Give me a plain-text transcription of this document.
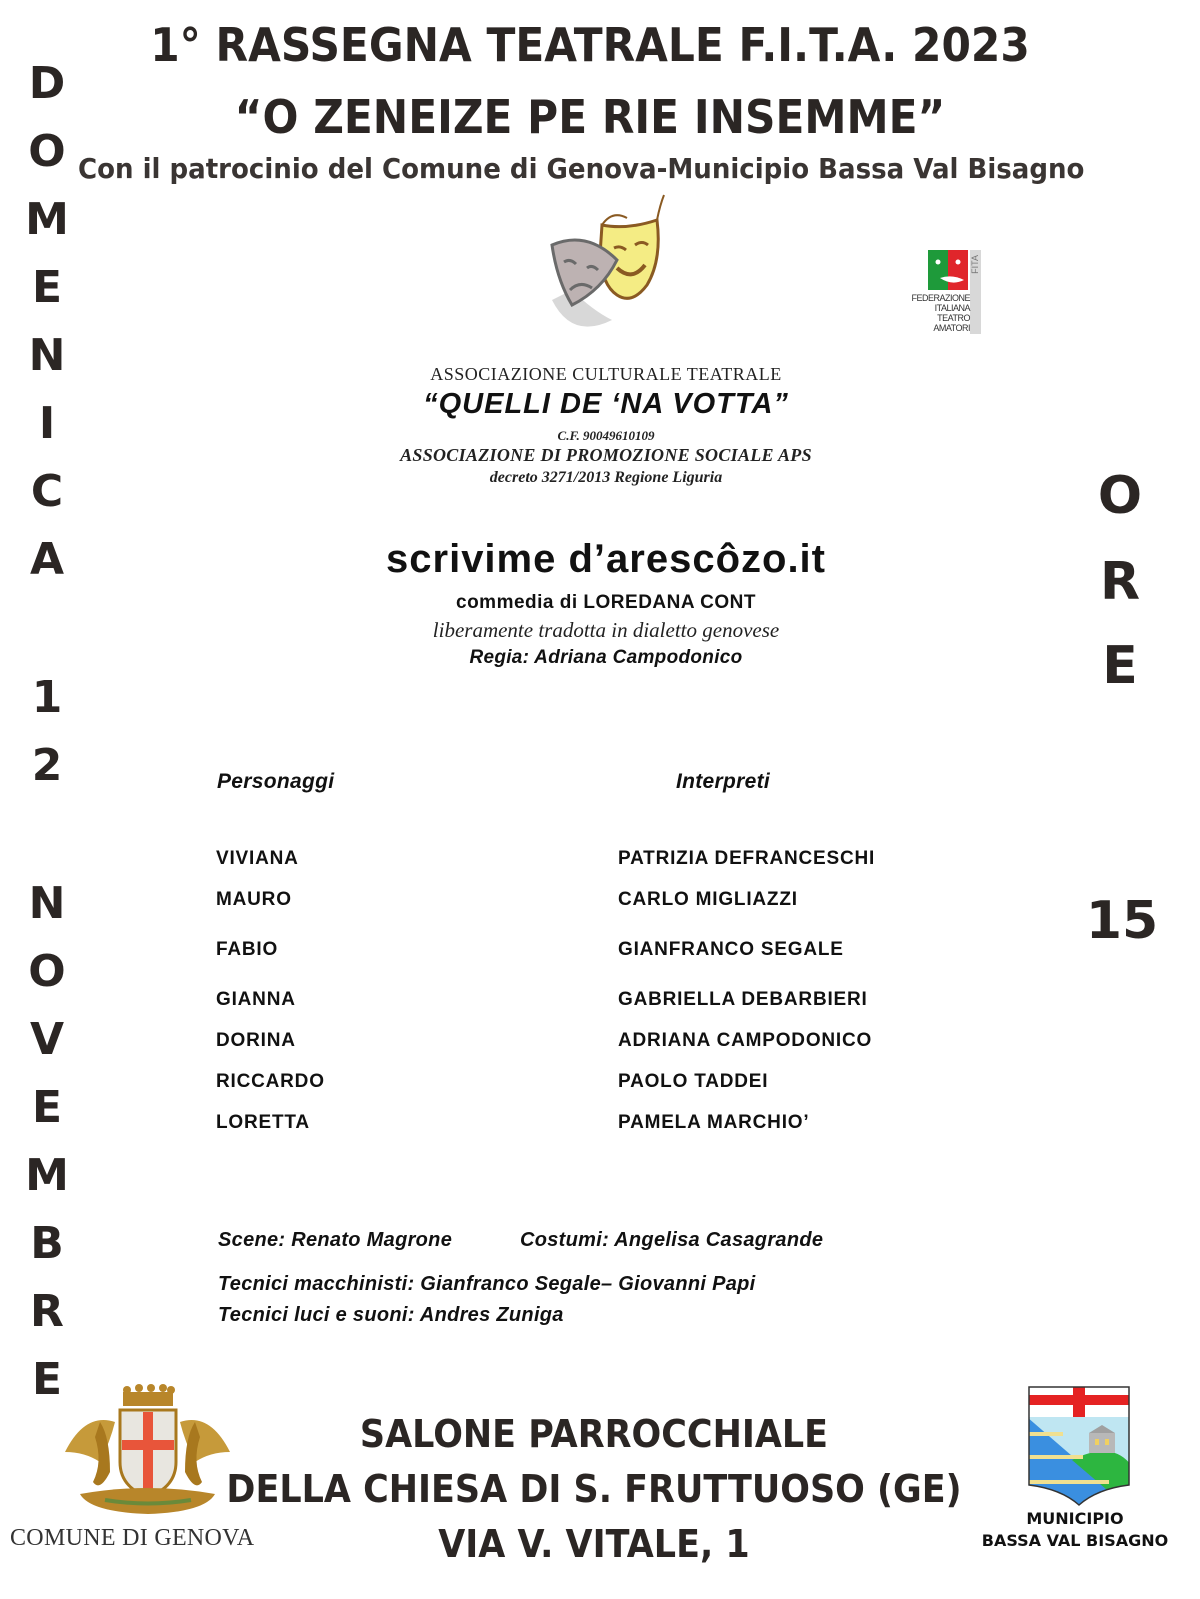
1° RASSEGNA TEATRALE F.I.T.A. 2023
“O ZENEIZE PE RIE INSEMME”
Con il patrocinio del Comune di Genova-Municipio Bassa Val Bisagno
D
O
M
E
N
I
C
A
1
2
N
O
V
E
M
B
R
E
O
R
E
15
FEDERAZIONE
ITALIANA
TEATRO
AMATORI
FITA
ASSOCIAZIONE CULTURALE TEATRALE
“QUELLI DE ‘NA VOTTA”
C.F. 90049610109
ASSOCIAZIONE DI PROMOZIONE SOCIALE APS
decreto 3271/2013 Regione Liguria
scrivime d’arescôzo.it
commedia di LOREDANA CONT
liberamente tradotta in dialetto genovese
Regia: Adriana Campodonico
Personaggi	Interpreti
VIVIANA	PATRIZIA DEFRANCESCHI
MAURO	CARLO MIGLIAZZI
FABIO	GIANFRANCO SEGALE
GIANNA	GABRIELLA DEBARBIERI
DORINA	ADRIANA CAMPODONICO
RICCARDO	PAOLO TADDEI
LORETTA	PAMELA MARCHIO’
Scene: Renato Magrone	Costumi: Angelisa Casagrande
Tecnici macchinisti: Gianfranco Segale– Giovanni Papi
Tecnici luci e suoni: Andres Zuniga
COMUNE DI GENOVA
SALONE PARROCCHIALE
DELLA CHIESA DI S. FRUTTUOSO (GE)
VIA V. VITALE, 1
MUNICIPIO
BASSA VAL BISAGNO
